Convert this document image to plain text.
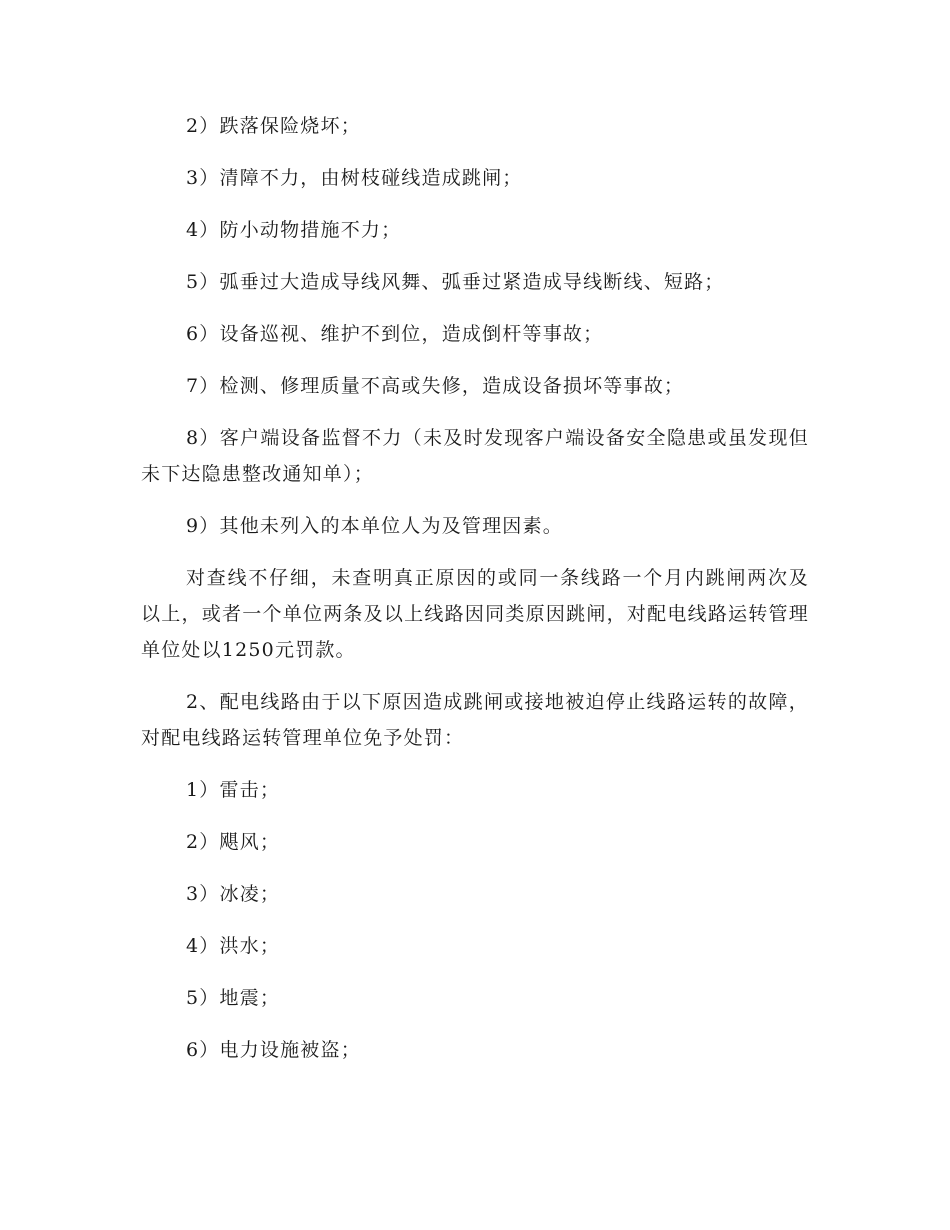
2）跌落保险烧坏；

3）清障不力，由树枝碰线造成跳闸；

4）防小动物措施不力；

5）弧垂过大造成导线风舞、弧垂过紧造成导线断线、短路；

6）设备巡视、维护不到位，造成倒杆等事故；

7）检测、修理质量不高或失修，造成设备损坏等事故；

8）客户端设备监督不力（未及时发现客户端设备安全隐患或虽发现但未下达隐患整改通知单）；

9）其他未列入的本单位人为及管理因素。

对查线不仔细，未查明真正原因的或同一条线路一个月内跳闸两次及以上，或者一个单位两条及以上线路因同类原因跳闸，对配电线路运转管理单位处以1250元罚款。

2、配电线路由于以下原因造成跳闸或接地被迫停止线路运转的故障，对配电线路运转管理单位免予处罚：

1）雷击；

2）飓风；

3）冰凌；

4）洪水；

5）地震；

6）电力设施被盗；
